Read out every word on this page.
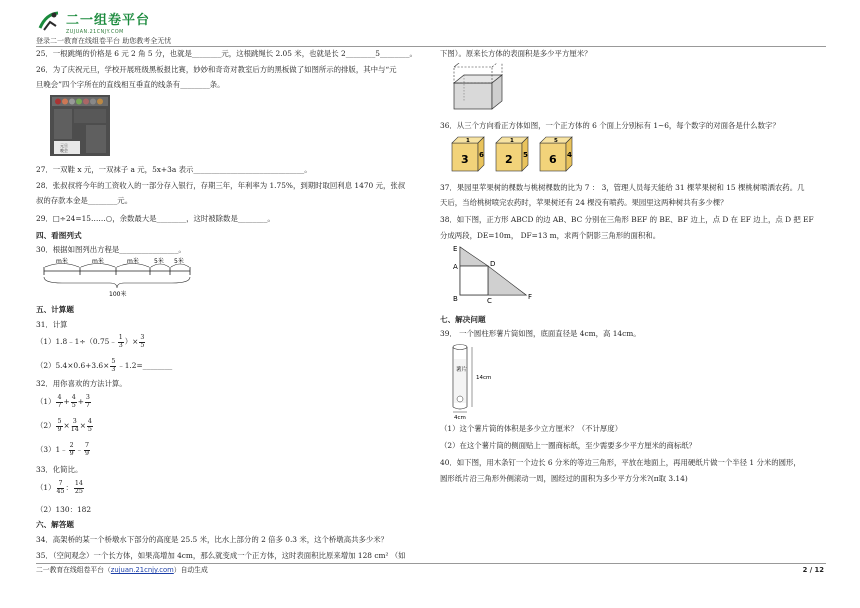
二一组卷平台
ZUJUAN.21CNJY.COM
登录二一教育在线组卷平台 助您教考全无忧
25．一根跳绳的价格是 6 元 2 角 5 分，也就是________元，这根跳绳长 2.05 米，也就是长 2________5________。
26．为了庆祝元旦，学校开展班级黑板报比赛，妙妙和奇奇对教室后方的黑板做了如图所示的排版，其中与“元
旦晚会”四个字所在的直线相互垂直的线条有________条。
元旦
晚会
27．一双鞋 x 元，一双袜子 a 元，5x+3a 表示______________________________。
28．张叔叔将今年的工资收入的一部分存入银行，存期三年，年利率为 1.75%，到期时取回利息 1470 元，张叔
叔的存款本金是________元。
29．□÷24=15……○，余数最大是________，这时被除数是________。
四、看图列式
30．根据如图列出方程是________________。
m米	m米	m米	5米 5米
100米
五、计算题
31．计算
（1）1.8﹣1÷（0.75﹣ $\frac{1}{3}$ ）× $\frac{3}{5}$
$(2)5.4\times 0.6+3.6\times \frac{5}{3}$ ﹣1.2=________
32．用你喜欢的方法计算。
$(1) \frac{4}{7} + \frac{4}{5} + \frac{3}{7}$
$(2) \frac{5}{9} \times \frac{3}{14} \times \frac{4}{5}$
（3）1﹣ $\frac{2}{9}$ ﹣ $\frac{7}{9}$
33．化简比。
$(1) \frac{7}{45}$ ： $\frac{14}{25}$
（2）130：182
六、解答题
34．高架桥的某一个桥墩水下部分的高度是 25.5 米，比水上部分的 2 倍多 0.3 米，这个桥墩高共多少米？
35．（空间观念）一个长方体，如果高增加 4cm，那么就变成一个正方体，这时表面积比原来增加 128 cm² （如
下图）。原来长方体的表面积是多少平方厘米？
36．从三个方向看正方体如图，一个正方体的 6 个面上分别标有 1~6，每个数字的对面各是什么数字？
3
1
6 2
1
5 6
5
4
37．果园里苹果树的棵数与桃树棵数的比为 7 ： 3，管理人员每天能给 31 棵苹果树和 15 棵桃树喷洒农药。几
天后，当给桃树喷完农药时，苹果树还有 24 棵没有喷药。果园里这两种树共有多少棵？
38．如下图，正方形 ABCD 的边 AB、BC 分别在三角形 BEF 的 BE、BF 边上，点 D 在 EF 边上，点 D 把 EF
分成两段，DE=10m， DF=13 m，求两个阴影三角形的面积和。
E
A	D
B	C	F
七、解决问题
39． 一个圆柱形薯片筒如图，底面直径是 4cm，高 14cm。
薯片
14cm
4cm
（1）这个薯片筒的体积是多少立方厘米？（不计厚度）
（2）在这个薯片筒的侧面贴上一圈商标纸，至少需要多少平方厘米的商标纸？
40．如下图，用木条钉一个边长 6 分米的等边三角形，平放在地面上，再用硬纸片做一个半径 1 分米的圆形，
圆形纸片沿三角形外侧滚动一周，圆经过的面积为多少平方分米?(π取 3.14)
二一教育在线组卷平台（zujuan.21cnjy.com）自动生成	2 / 12
